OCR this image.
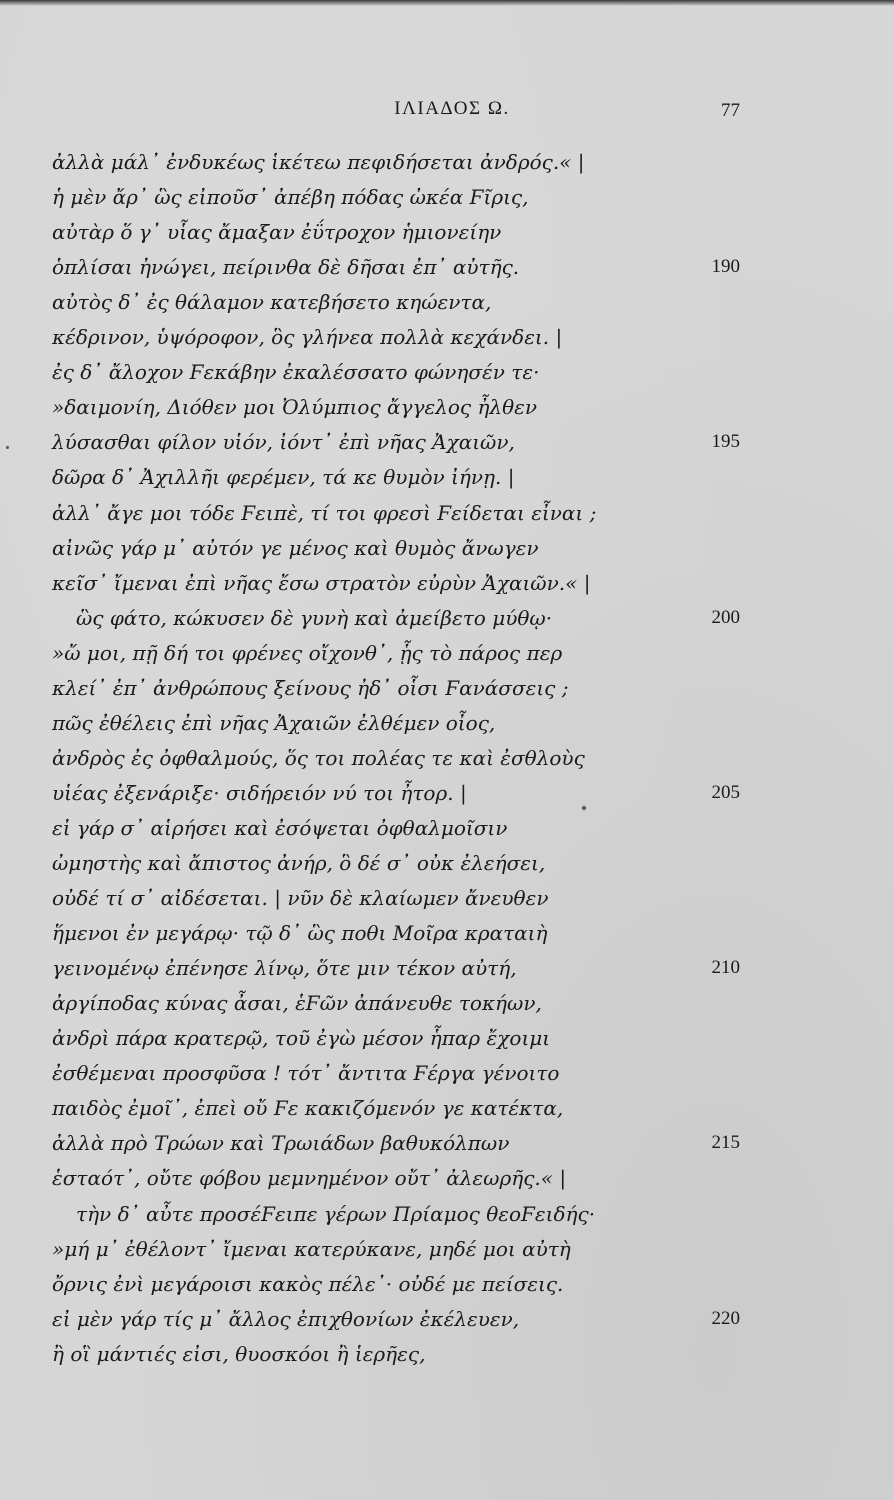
ΙΛΙΑΔΟΣ Ω.	77
ἀλλὰ μάλ᾽ ἐνδυκέως ἱκέτεω πεφιδήσεται ἀνδρός.« |
ἡ μὲν ἄρ᾽ ὣς εἰποῦσ᾽ ἀπέβη πόδας ὠκέα Ϝῖρις,
αὐτὰρ ὅ γ᾽ υἷας ἄμαξαν ἐΰτροχον ἡμιονείην
ὁπλίσαι ἠνώγει, πείρινθα δὲ δῆσαι ἐπ᾽ αὐτῆς.	190
αὐτὸς δ᾽ ἐς θάλαμον κατεβήσετο κηώεντα,
κέδρινον, ὑψόροφον, ὃς γλήνεα πολλὰ κεχάνδει. |
ἐς δ᾽ ἄλοχον Ϝεκάβην ἐκαλέσσατο φώνησέν τε·
»δαιμονίη, Διόθεν μοι Ὀλύμπιος ἄγγελος ἦλθεν
λύσασθαι φίλον υἱόν, ἰόντ᾽ ἐπὶ νῆας Ἀχαιῶν,	195
δῶρα δ᾽ Ἀχιλλῆι φερέμεν, τά κε θυμὸν ἰήνῃ. |
ἀλλ᾽ ἄγε μοι τόδε Ϝειπὲ, τί τοι φρεσὶ Ϝείδεται εἶναι ;
αἰνῶς γάρ μ᾽ αὐτόν γε μένος καὶ θυμὸς ἄνωγεν
κεῖσ᾽ ἴμεναι ἐπὶ νῆας ἔσω στρατὸν εὐρὺν Ἀχαιῶν.« |
ὣς φάτο, κώκυσεν δὲ γυνὴ καὶ ἀμείβετο μύθῳ·	200
»ὤ μοι, πῇ δή τοι φρένες οἴχονθ᾽, ᾗς τὸ πάρος περ
κλεί᾽ ἐπ᾽ ἀνθρώπους ξείνους ἠδ᾽ οἷσι Ϝανάσσεις ;
πῶς ἐθέλεις ἐπὶ νῆας Ἀχαιῶν ἐλθέμεν οἶος,
ἀνδρὸς ἐς ὀφθαλμούς, ὅς τοι πολέας τε καὶ ἐσθλοὺς
υἱέας ἐξενάριξε· σιδήρειόν νύ τοι ἦτορ. |	205
εἰ γάρ σ᾽ αἱρήσει καὶ ἐσόψεται ὀφθαλμοῖσιν
ὠμηστὴς καὶ ἄπιστος ἀνήρ, ὃ δέ σ᾽ οὐκ ἐλεήσει,
οὐδέ τί σ᾽ αἰδέσεται. | νῦν δὲ κλαίωμεν ἄνευθεν
ἥμενοι ἐν μεγάρῳ· τῷ δ᾽ ὣς ποθι Μοῖρα κραταιὴ
γεινομένῳ ἐπένησε λίνῳ, ὅτε μιν τέκον αὐτή,	210
ἀργίποδας κύνας ἆσαι, ἑϜῶν ἀπάνευθε τοκήων,
ἀνδρὶ πάρα κρατερῷ, τοῦ ἐγὼ μέσον ἧπαρ ἔχοιμι
ἐσθέμεναι προσφῦσα ! τότ᾽ ἄντιτα Ϝέργα γένοιτο
παιδὸς ἐμοῖ᾽, ἐπεὶ οὔ Ϝε κακιζόμενόν γε κατέκτα,
ἀλλὰ πρὸ Τρώων καὶ Τρωιάδων βαθυκόλπων	215
ἑσταότ᾽, οὔτε φόβου μεμνημένον οὔτ᾽ ἀλεωρῆς.« |
τὴν δ᾽ αὖτε προσέϜειπε γέρων Πρίαμος θεοϜειδής·
»μή μ᾽ ἐθέλοντ᾽ ἴμεναι κατερύκανε, μηδέ μοι αὐτὴ
ὄρνις ἐνὶ μεγάροισι κακὸς πέλε᾽· οὐδέ με πείσεις.
εἰ μὲν γάρ τίς μ᾽ ἄλλος ἐπιχθονίων ἐκέλευεν,	220
ἢ οἳ μάντιές εἰσι, θυοσκόοι ἢ ἱερῆες,
